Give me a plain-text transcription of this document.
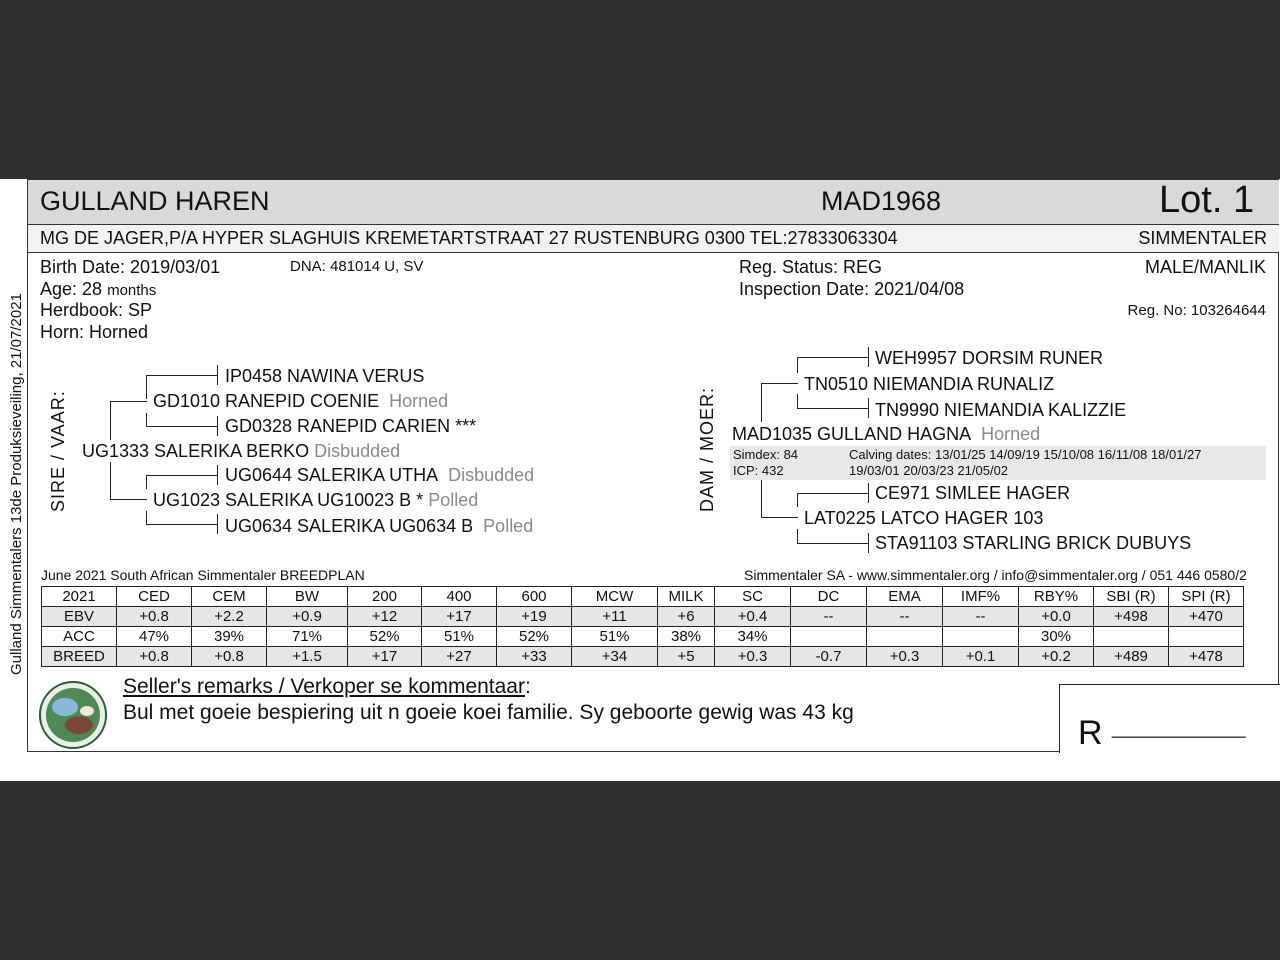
Gulland Simmentalers 13de Produksieveiling, 21/07/2021
GULLAND HAREN	MAD1968	Lot. 1
MG DE JAGER,P/A HYPER SLAGHUIS KREMETARTSTRAAT 27 RUSTENBURG 0300 TEL:27833063304	SIMMENTALER
Birth Date: 2019/03/01	DNA: 481014 U, SV
Age: 28 months
Herdbook: SP
Horn: Horned
Reg. Status: REG
Inspection Date: 2021/04/08
MALE/MANLIK
Reg. No: 103264644
SIRE / VAAR:
IP0458 NAWINA VERUS
GD1010 RANEPID COENIE Horned
GD0328 RANEPID CARIEN ***
UG1333 SALERIKA BERKO Disbudded
UG0644 SALERIKA UTHA Disbudded
UG1023 SALERIKA UG10023 B * Polled
UG0634 SALERIKA UG0634 B Polled
DAM / MOER:
WEH9957 DORSIM RUNER
TN0510 NIEMANDIA RUNALIZ
TN9990 NIEMANDIA KALIZZIE
MAD1035 GULLAND HAGNA Horned
Simdex: 84
ICP: 432
Calving dates: 13/01/25 14/09/19 15/10/08 16/11/08 18/01/27
19/03/01 20/03/23 21/05/02
CE971 SIMLEE HAGER
LAT0225 LATCO HAGER 103
STA91103 STARLING BRICK DUBUYS
June 2021 South African Simmentaler BREEDPLAN	Simmentaler SA - www.simmentaler.org / info@simmentaler.org / 051 446 0580/2
2021	CED	CEM	BW	200	400	600	MCW	MILK	SC	DC	EMA	IMF%	RBY%	SBI (R)	SPI (R)
EBV	+0.8	+2.2	+0.9	+12	+17	+19	+11	+6	+0.4	--	--	--	+0.0	+498	+470
ACC	47%	39%	71%	52%	51%	52%	51%	38%	34%				30%		
BREED	+0.8	+0.8	+1.5	+17	+27	+33	+34	+5	+0.3	-0.7	+0.3	+0.1	+0.2	+489	+478
Seller's remarks / Verkoper se kommentaar:
Bul met goeie bespiering uit n goeie koei familie. Sy geboorte gewig was 43 kg
R __________
